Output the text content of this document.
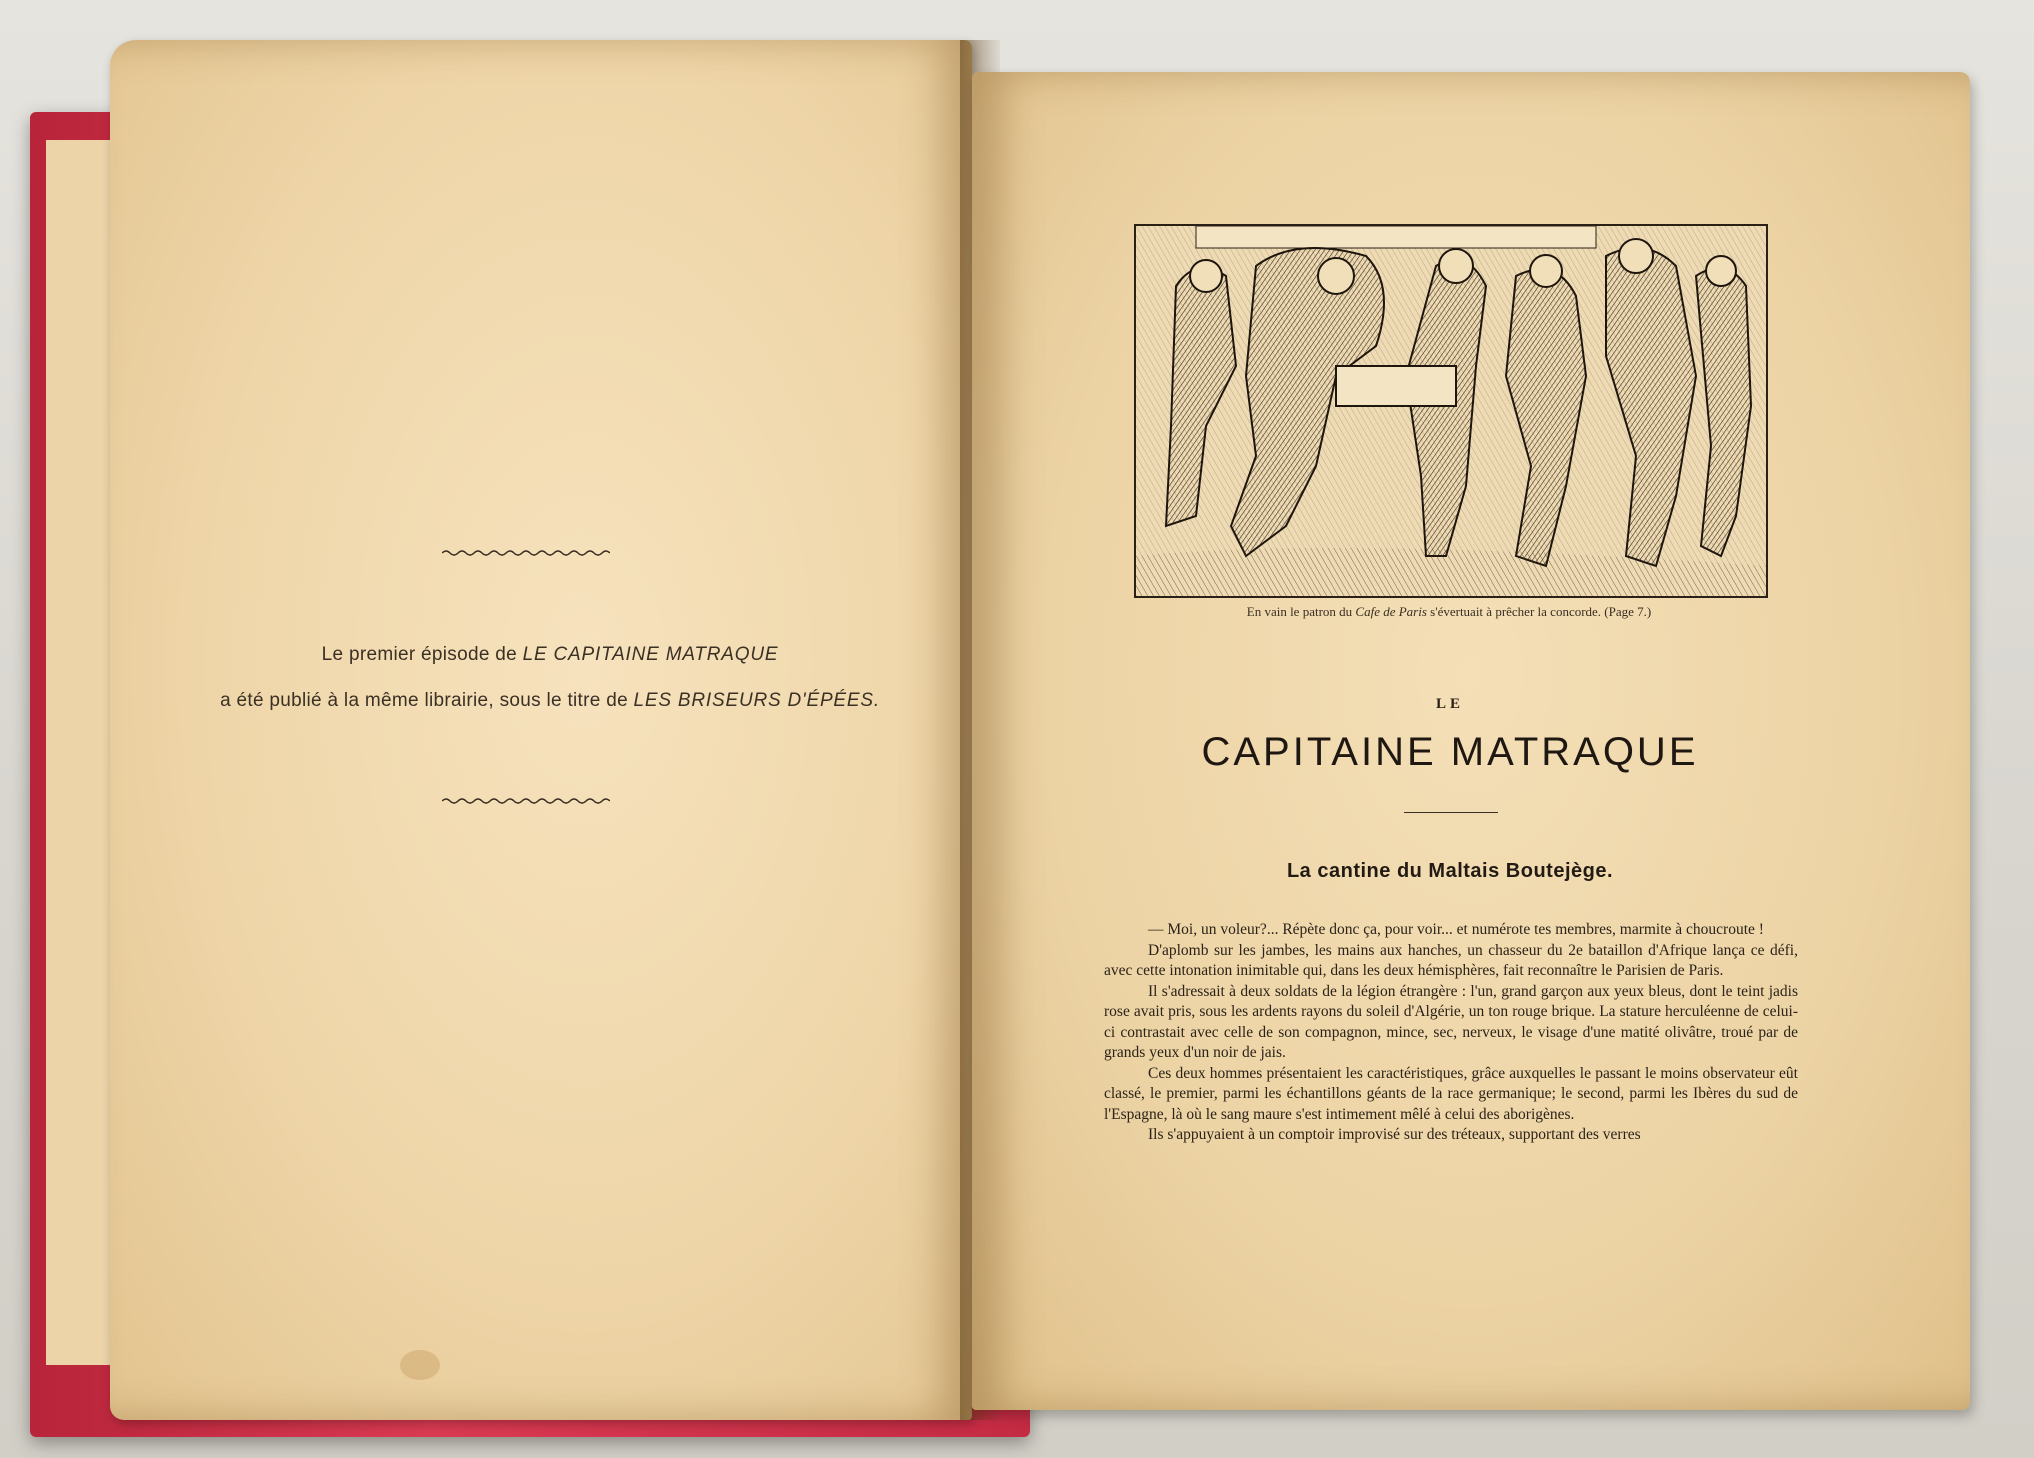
Le premier épisode de LE CAPITAINE MATRAQUE
a été publié à la même librairie, sous le titre de LES BRISEURS D'ÉPÉES.
En vain le patron du Cafe de Paris s'évertuait à prêcher la concorde. (Page 7.)
LE
CAPITAINE MATRAQUE
La cantine du Maltais Boutejège.

— Moi, un voleur?... Répète donc ça, pour voir... et numérote tes membres, marmite à choucroute !

D'aplomb sur les jambes, les mains aux hanches, un chasseur du 2e bataillon d'Afrique lança ce défi, avec cette intonation inimitable qui, dans les deux hémisphères, fait reconnaître le Parisien de Paris.

Il s'adressait à deux soldats de la légion étrangère : l'un, grand garçon aux yeux bleus, dont le teint jadis rose avait pris, sous les ardents rayons du soleil d'Algérie, un ton rouge brique. La stature herculéenne de celui-ci contrastait avec celle de son compagnon, mince, sec, nerveux, le visage d'une matité olivâtre, troué par de grands yeux d'un noir de jais.

Ces deux hommes présentaient les caractéristiques, grâce auxquelles le passant le moins observateur eût classé, le premier, parmi les échantillons géants de la race germanique; le second, parmi les Ibères du sud de l'Espagne, là où le sang maure s'est intimement mêlé à celui des aborigènes.

Ils s'appuyaient à un comptoir improvisé sur des tréteaux, supportant des verres
